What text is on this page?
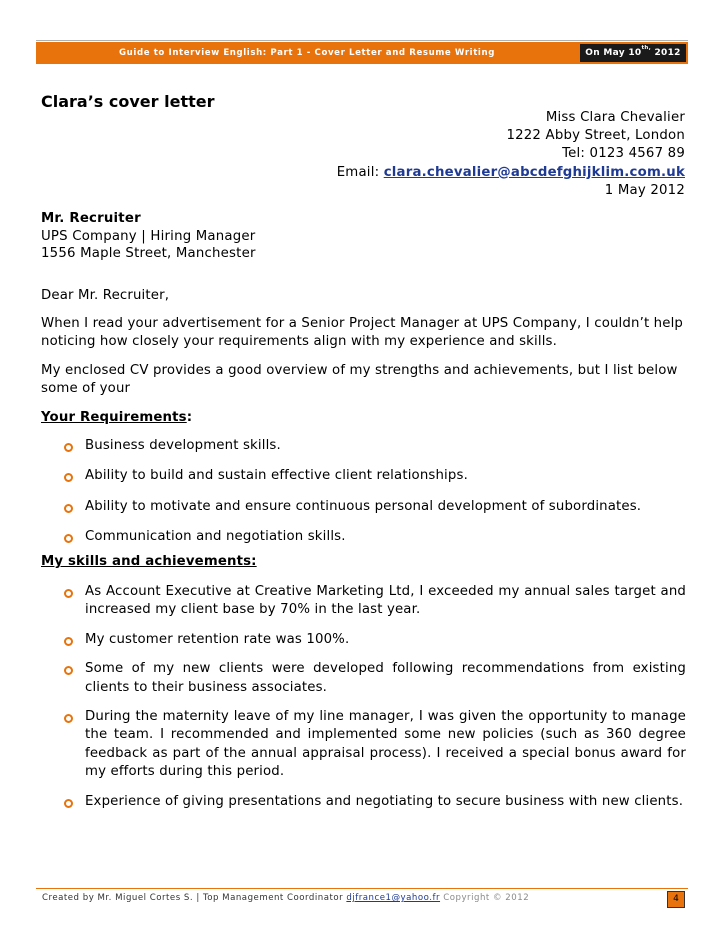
Guide to Interview English: Part 1 - Cover Letter and Resume Writing	On May $10^{th,}$ 2012
Clara’s cover letter
Miss Clara Chevalier
1222 Abby Street, London
Tel: 0123 4567 89
Email: clara.chevalier@abcdefghijklim.com.uk
1 May 2012
Mr. Recruiter
UPS Company | Hiring Manager
1556 Maple Street, Manchester
Dear Mr. Recruiter,
When I read your advertisement for a Senior Project Manager at UPS Company, I couldn’t help noticing how closely your requirements align with my experience and skills.
My enclosed CV provides a good overview of my strengths and achievements, but I list below some of your
Your Requirements:
Business development skills.
Ability to build and sustain effective client relationships.
Ability to motivate and ensure continuous personal development of subordinates.
Communication and negotiation skills.
My skills and achievements:
As Account Executive at Creative Marketing Ltd, I exceeded my annual sales target and increased my client base by 70% in the last year.
My customer retention rate was 100%.
Some of my new clients were developed following recommendations from existing clients to their business associates.
During the maternity leave of my line manager, I was given the opportunity to manage the team. I recommended and implemented some new policies (such as 360 degree feedback as part of the annual appraisal process). I received a special bonus award for my efforts during this period.
Experience of giving presentations and negotiating to secure business with new clients.
Created by Mr. Miguel Cortes S. | Top Management Coordinator djfrance1@yahoo.fr Copyright © 2012	4
